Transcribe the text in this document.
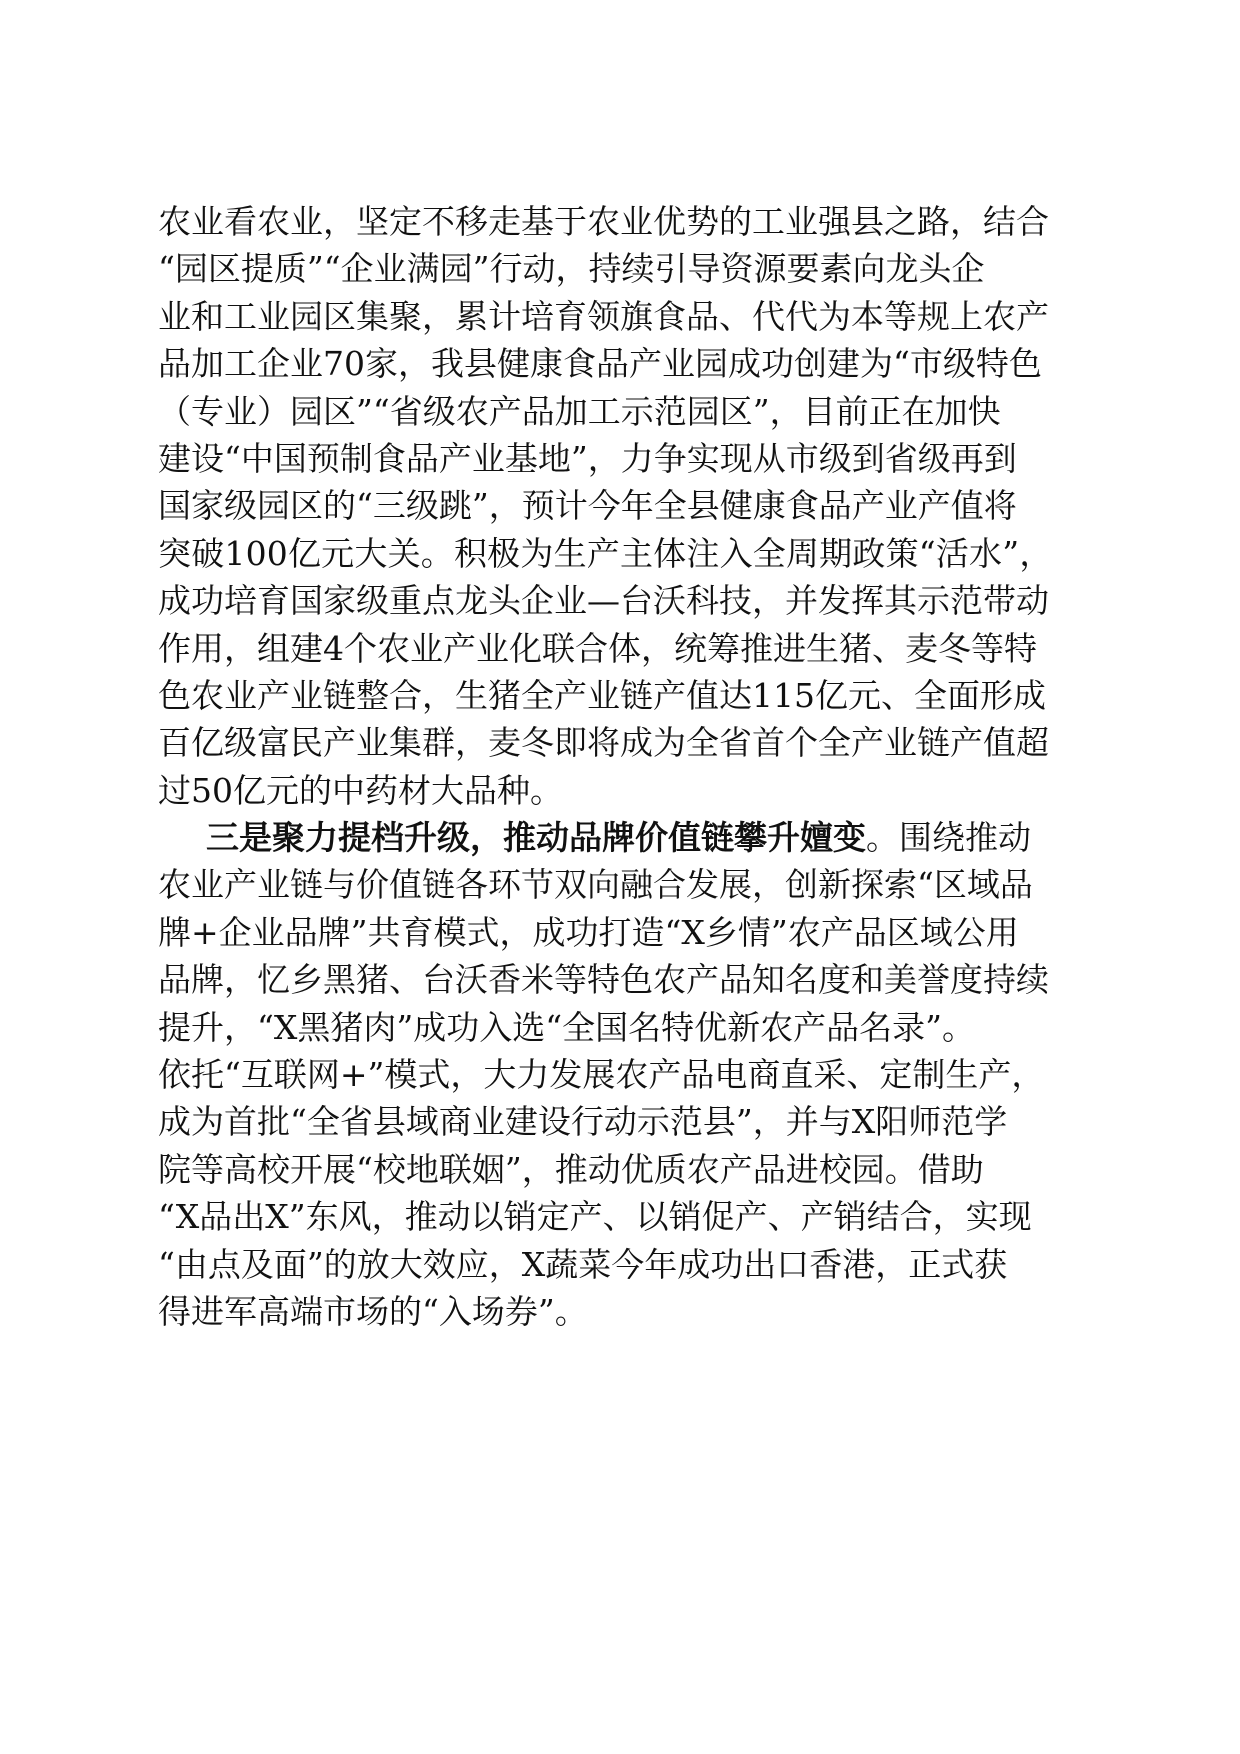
农业看农业，坚定不移走基于农业优势的工业强县之路，结合
“园区提质”“企业满园”行动，持续引导资源要素向龙头企
业和工业园区集聚，累计培育领旗食品、代代为本等规上农产
品加工企业70家，我县健康食品产业园成功创建为“市级特色
（专业）园区”“省级农产品加工示范园区”，目前正在加快
建设“中国预制食品产业基地”，力争实现从市级到省级再到
国家级园区的“三级跳”，预计今年全县健康食品产业产值将
突破100亿元大关。积极为生产主体注入全周期政策“活水”，
成功培育国家级重点龙头企业—台沃科技，并发挥其示范带动
作用，组建4个农业产业化联合体，统筹推进生猪、麦冬等特
色农业产业链整合，生猪全产业链产值达115亿元、全面形成
百亿级富民产业集群，麦冬即将成为全省首个全产业链产值超
过50亿元的中药材大品种。
三是聚力提档升级，推动品牌价值链攀升嬗变。围绕推动
农业产业链与价值链各环节双向融合发展，创新探索“区域品
牌+企业品牌”共育模式，成功打造“X乡情”农产品区域公用
品牌，忆乡黑猪、台沃香米等特色农产品知名度和美誉度持续
提升，“X黑猪肉”成功入选“全国名特优新农产品名录”。
依托“互联网+”模式，大力发展农产品电商直采、定制生产，
成为首批“全省县域商业建设行动示范县”，并与X阳师范学
院等高校开展“校地联姻”，推动优质农产品进校园。借助
“X品出X”东风，推动以销定产、以销促产、产销结合，实现
“由点及面”的放大效应，X蔬菜今年成功出口香港，正式获
得进军高端市场的“入场券”。
